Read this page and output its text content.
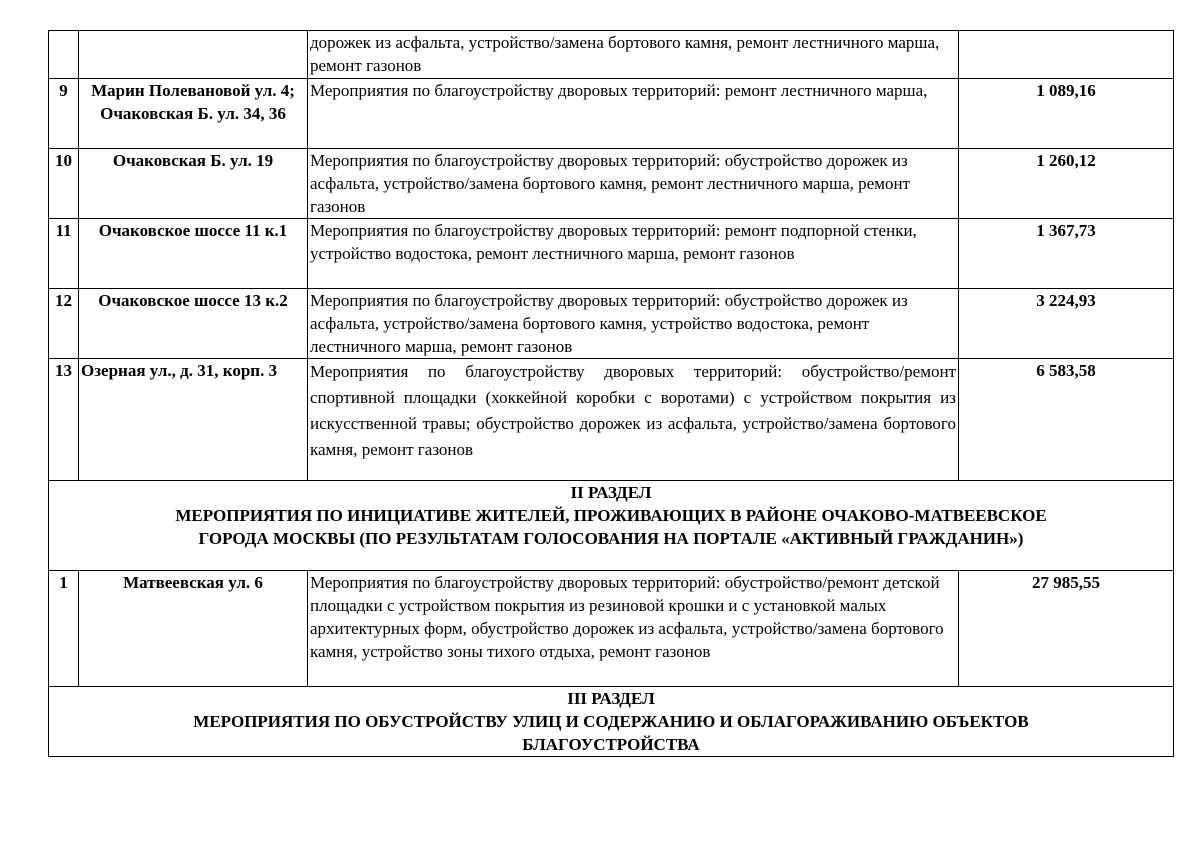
		дорожек из асфальта, устройство/замена бортового камня, ремонт лестничного марша, ремонт газонов	
9	Марин Полевановой ул. 4; Очаковская Б. ул. 34, 36	Мероприятия по благоустройству дворовых территорий: ремонт лестничного марша,	1 089,16
10	Очаковская Б. ул. 19	Мероприятия по благоустройству дворовых территорий: обустройство дорожек из асфальта, устройство/замена бортового камня, ремонт лестничного марша, ремонт газонов	1 260,12
11	Очаковское шоссе 11 к.1	Мероприятия по благоустройству дворовых территорий: ремонт подпорной стенки, устройство водостока, ремонт лестничного марша, ремонт газонов	1 367,73
12	Очаковское шоссе 13 к.2	Мероприятия по благоустройству дворовых территорий: обустройство дорожек из асфальта, устройство/замена бортового камня, устройство водостока, ремонт лестничного марша, ремонт газонов	3 224,93
13	Озерная ул., д. 31, корп. 3	Мероприятия по благоустройству дворовых территорий: обустройство/ремонт спортивной площадки (хоккейной коробки с воротами) с устройством покрытия из искусственной травы; обустройство дорожек из асфальта, устройство/замена бортового камня, ремонт газонов	6 583,58

II РАЗДЕЛ
МЕРОПРИЯТИЯ ПО ИНИЦИАТИВЕ ЖИТЕЛЕЙ, ПРОЖИВАЮЩИХ В РАЙОНЕ ОЧАКОВО-МАТВЕЕВСКОЕ
ГОРОДА МОСКВЫ (ПО РЕЗУЛЬТАТАМ ГОЛОСОВАНИЯ НА ПОРТАЛЕ «АКТИВНЫЙ ГРАЖДАНИН»)			

1	Матвеевская ул. 6	Мероприятия по благоустройству дворовых территорий: обустройство/ремонт детской площадки с устройством покрытия из резиновой крошки и с установкой малых архитектурных форм, обустройство дорожек из асфальта, устройство/замена бортового камня, устройство зоны тихого отдыха, ремонт газонов	27 985,55

III РАЗДЕЛ
МЕРОПРИЯТИЯ ПО ОБУСТРОЙСТВУ УЛИЦ И СОДЕРЖАНИЮ И ОБЛАГОРАЖИВАНИЮ ОБЪЕКТОВ
БЛАГОУСТРОЙСТВА			
